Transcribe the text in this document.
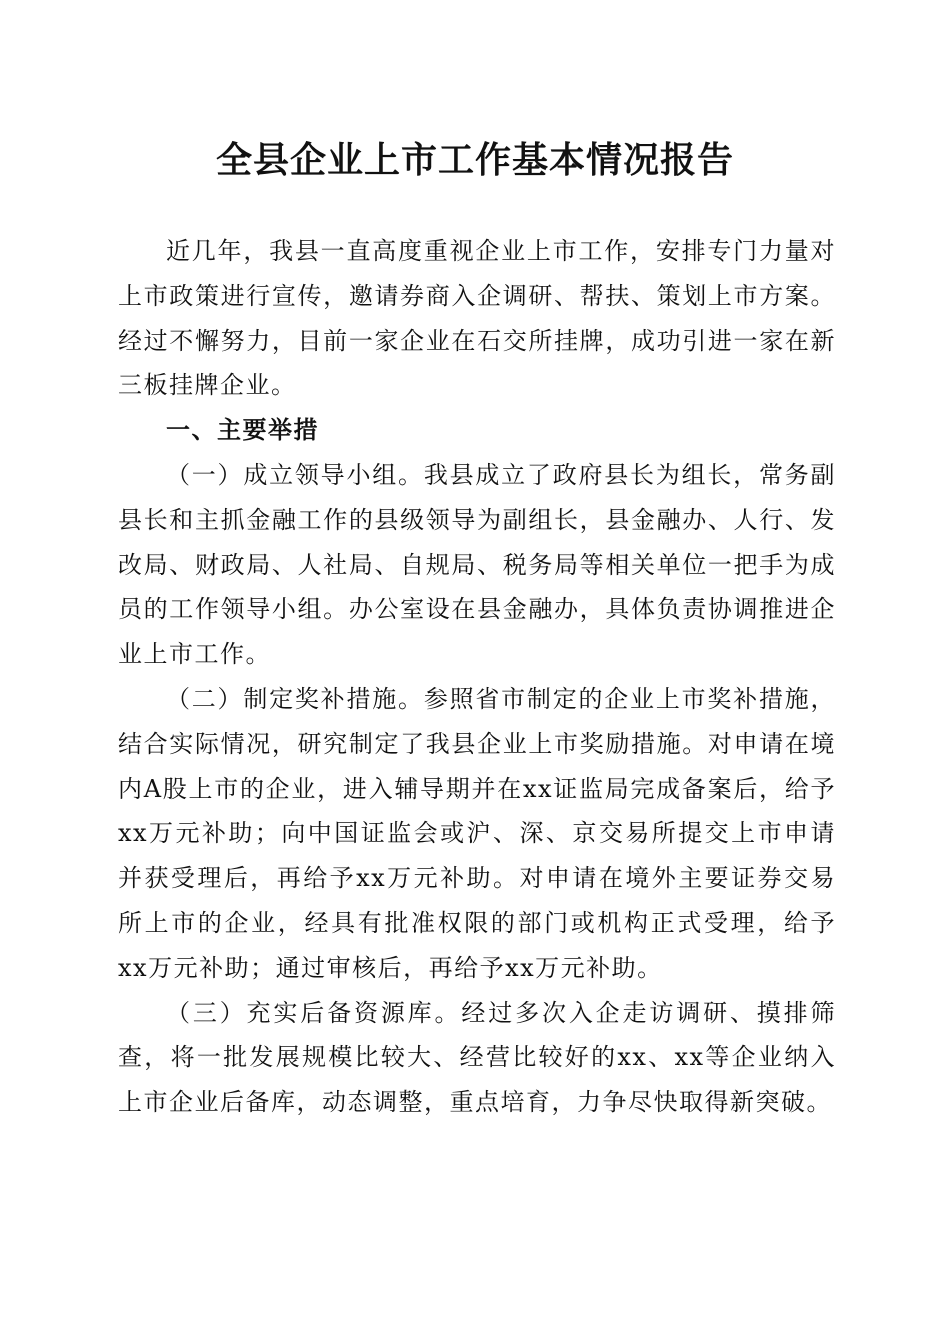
全县企业上市工作基本情况报告

近几年，我县一直高度重视企业上市工作，安排专门力量对上市政策进行宣传，邀请券商入企调研、帮扶、策划上市方案。经过不懈努力，目前一家企业在石交所挂牌，成功引进一家在新三板挂牌企业。

一、主要举措

（一）成立领导小组。我县成立了政府县长为组长，常务副县长和主抓金融工作的县级领导为副组长，县金融办、人行、发改局、财政局、人社局、自规局、税务局等相关单位一把手为成员的工作领导小组。办公室设在县金融办，具体负责协调推进企业上市工作。

（二）制定奖补措施。参照省市制定的企业上市奖补措施，结合实际情况，研究制定了我县企业上市奖励措施。对申请在境内A股上市的企业，进入辅导期并在xx证监局完成备案后，给予xx万元补助；向中国证监会或沪、深、京交易所提交上市申请并获受理后，再给予xx万元补助。对申请在境外主要证券交易所上市的企业，经具有批准权限的部门或机构正式受理，给予xx万元补助；通过审核后，再给予xx万元补助。

（三）充实后备资源库。经过多次入企走访调研、摸排筛查，将一批发展规模比较大、经营比较好的xx、xx等企业纳入上市企业后备库，动态调整，重点培育，力争尽快取得新突破。
